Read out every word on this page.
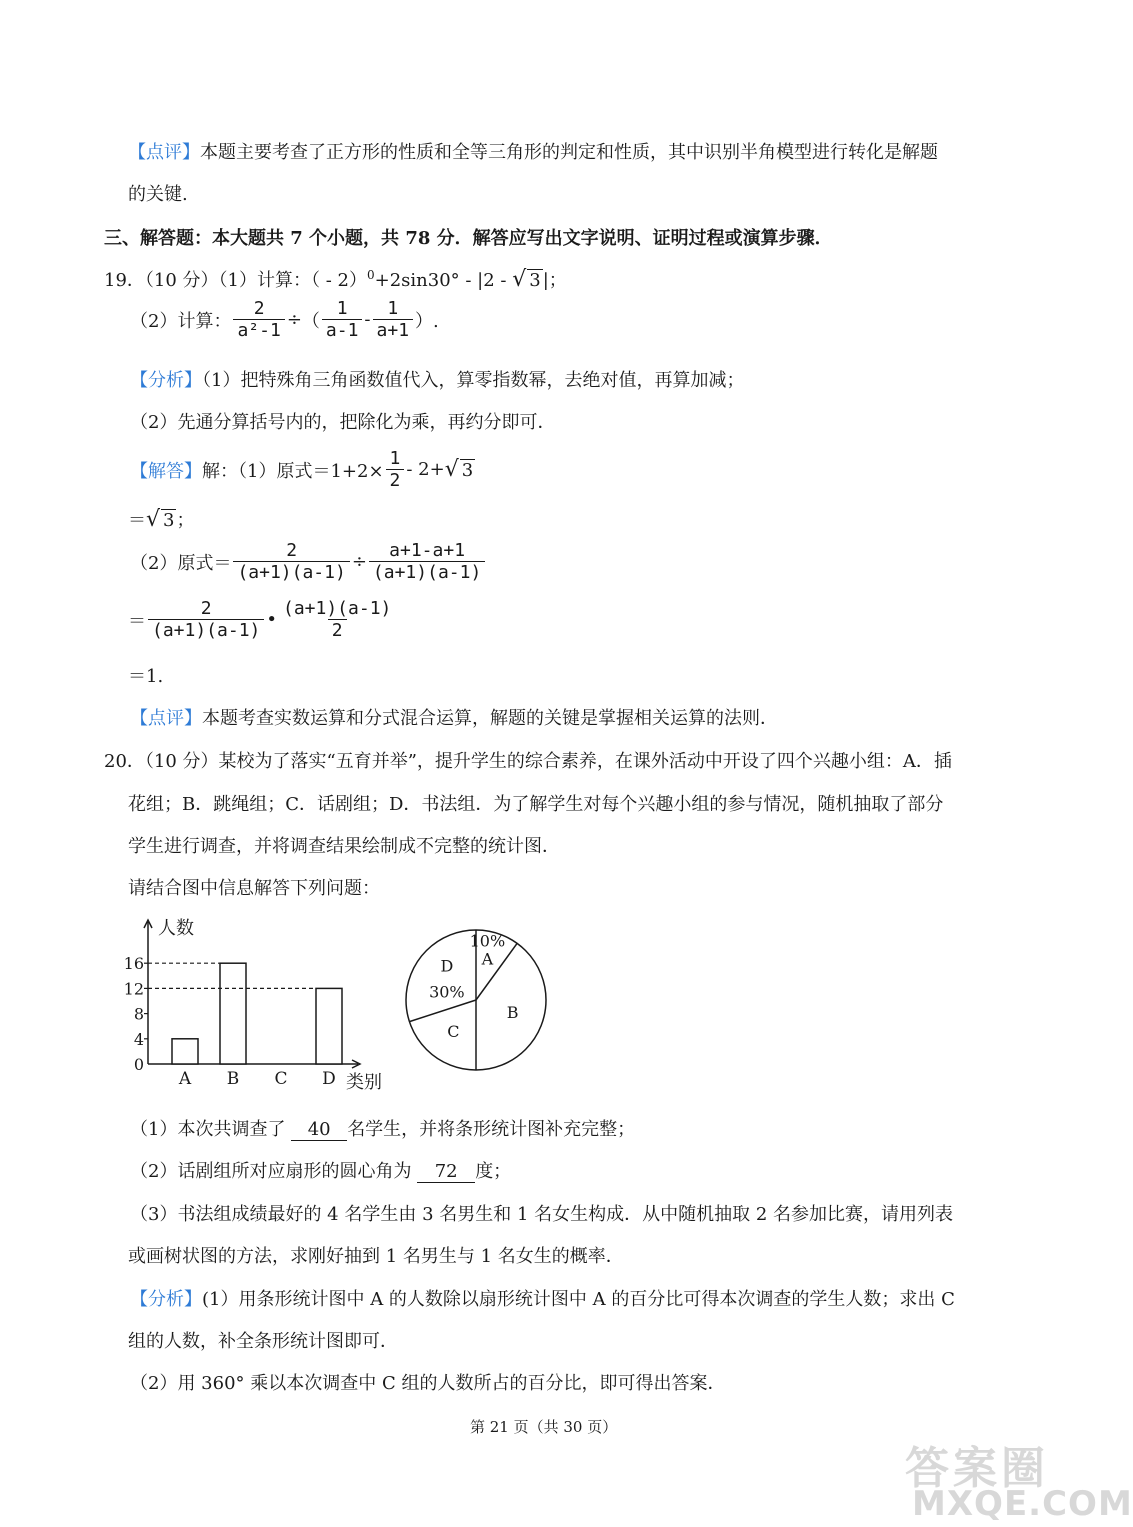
【点评】本题主要考查了正方形的性质和全等三角形的判定和性质，其中识别半角模型进行转化是解题
的关键.
三、解答题：本大题共 7 个小题，共 78 分．解答应写出文字说明、证明过程或演算步骤．
19．（10 分）（1）计算：（ - 2）$^0$+2sin30° - |2 - √ 3 |；
（2）计算： $\frac{2}{\text{a²-1}}$ ÷ （ $\frac{1}{a-1} - \frac{1}{a+1}$ ）.
【分析】（1）把特殊角三角函数值代入，算零指数幂，去绝对值，再算加减；
（2）先通分算括号内的，把除化为乘，再约分即可．
【解答】 解：（1）原式$=1+2\times \frac{1}{2} - 2+$ √ 3
＝√ 3 ；
（2）原式＝ $\frac{2}{(a+1)(a-1)} \div \frac{a+1-a+1}{(a+1)(a-1)}$
＝ $\frac{2}{(a+1)(a-1)}$ • $\frac{(a+1)(a-1)}{2}$
＝1.
【点评】本题考查实数运算和分式混合运算，解题的关键是掌握相关运算的法则．
20．（10 分）某校为了落实“五育并举”，提升学生的综合素养，在课外活动中开设了四个兴趣小组：A．插
花组；B．跳绳组；C．话剧组；D．书法组．为了解学生对每个兴趣小组的参与情况，随机抽取了部分
学生进行调查，并将调查结果绘制成不完整的统计图．
请结合图中信息解答下列问题：
人数
类别
0
4
8
12
16
A B C D
10%
A
B
C
D
30%
（1）本次共调查了 40 名学生，并将条形统计图补充完整；
（2）话剧组所对应扇形的圆心角为 72 度；
（3）书法组成绩最好的 4 名学生由 3 名男生和 1 名女生构成．从中随机抽取 2 名参加比赛，请用列表
或画树状图的方法，求刚好抽到 1 名男生与 1 名女生的概率．
【分析】(1）用条形统计图中 A 的人数除以扇形统计图中 A 的百分比可得本次调查的学生人数；求出 C
组的人数，补全条形统计图即可．
（2）用 360° 乘以本次调查中 C 组的人数所占的百分比，即可得出答案．
第 21 页（共 30 页）
答案圈
MXQE.COM
